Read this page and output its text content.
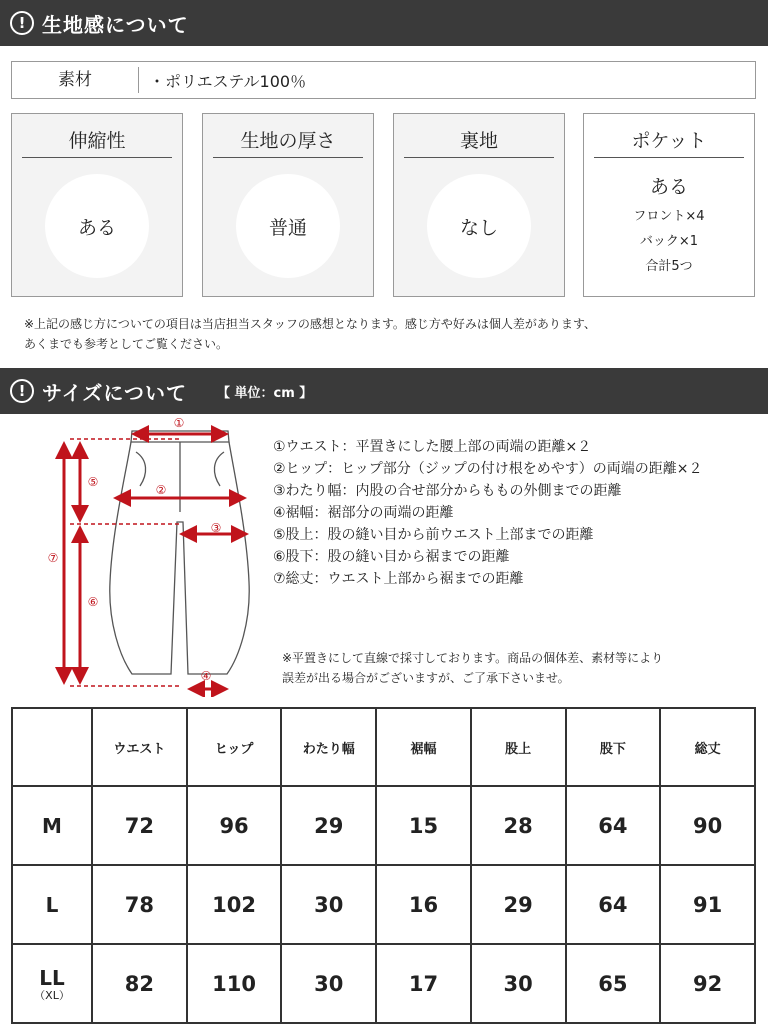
! 生地感について
素材	・ポリエステル100％
伸縮性
ある
生地の厚さ
普通
裏地
なし
ポケット
ある
フロント×4
バック×1
合計5つ
※上記の感じ方についての項目は当店担当スタッフの感想となります。感じ方や好みは個人差があります、
あくまでも参考としてご覧ください。
! サイズについて 【 単位：cm 】
①
②
③
④
⑤
⑥
⑦
①ウエスト：平置きにした腰上部の両端の距離×２
②ヒップ：ヒップ部分（ジップの付け根をめやす）の両端の距離×２
③わたり幅：内股の合せ部分からももの外側までの距離
④裾幅：裾部分の両端の距離
⑤股上：股の縫い目から前ウエスト上部までの距離
⑥股下：股の縫い目から裾までの距離
⑦総丈：ウエスト上部から裾までの距離
※平置きにして直線で採寸しております。商品の個体差、素材等により
誤差が出る場合がございますが、ご了承下さいませ。
	ウエスト	ヒップ	わたり幅	裾幅	股上	股下	総丈
M	72	96	29	15	28	64	90
L	78	102	30	16	29	64	91
LL
（XL）	82	110	30	17	30	65	92
